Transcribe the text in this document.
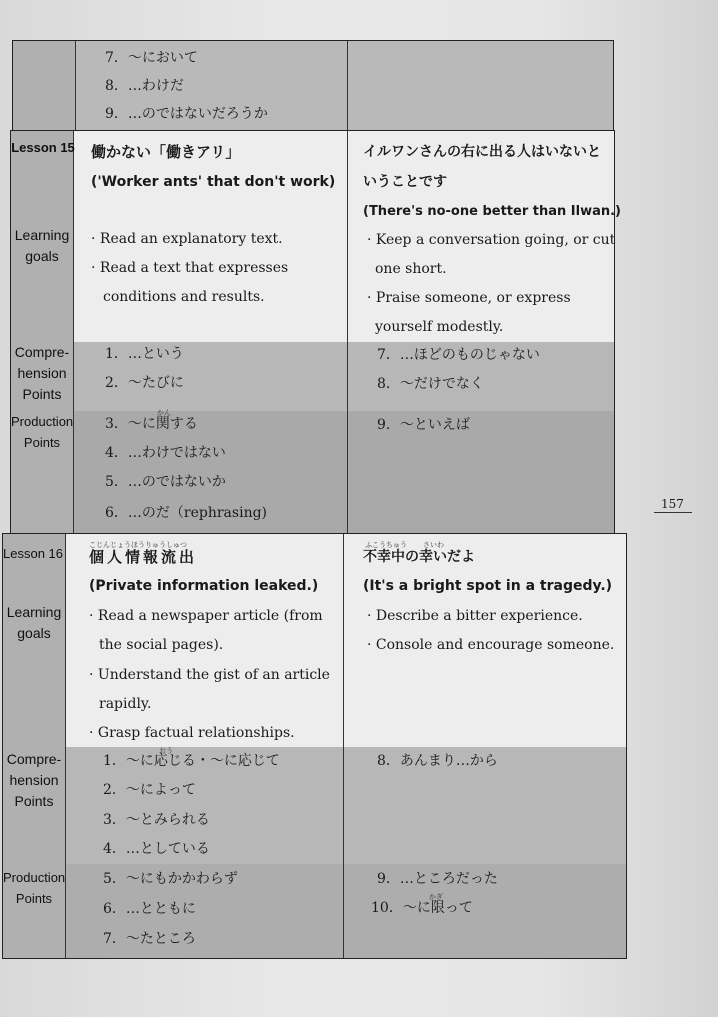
7．～において
8．…わけだ
9．…のではないだろうか
Lesson 15
Learning goals
Compre-hension Points
Production Points
働かない「働きアリ」
('Worker ants' that don't work)
イルワンさんの右に出る人はいないと
いうことです
(There's no-one better than Ilwan.)
· Read an explanatory text.
· Read a text that expresses
conditions and results.
· Keep a conversation going, or cut
one short.
· Praise someone, or express
yourself modestly.
1．…という
2．～たびに
7．…ほどのものじゃない
8．～だけでなく
かん
3．～に関する
4．…わけではない
5．…のではないか
6．…のだ（rephrasing)
9．～といえば
Lesson 16
Learning goals
Compre-hension Points
Production Points
こじんじょうほうりゅうしゅつ
個人情報流出
(Private information leaked.)
ふこうちゅう さいわ
不幸中の幸いだよ
(It's a bright spot in a tragedy.)
· Read a newspaper article (from
the social pages).
· Understand the gist of an article
rapidly.
· Grasp factual relationships.
· Describe a bitter experience.
· Console and encourage someone.
おう
1．～に応じる・～に応じて
2．～によって
3．～とみられる
4．…としている
8．あんまり…から
5．～にもかかわらず
6．…とともに
7．～たところ
かぎ
9．…ところだった
10．～に限って
157
